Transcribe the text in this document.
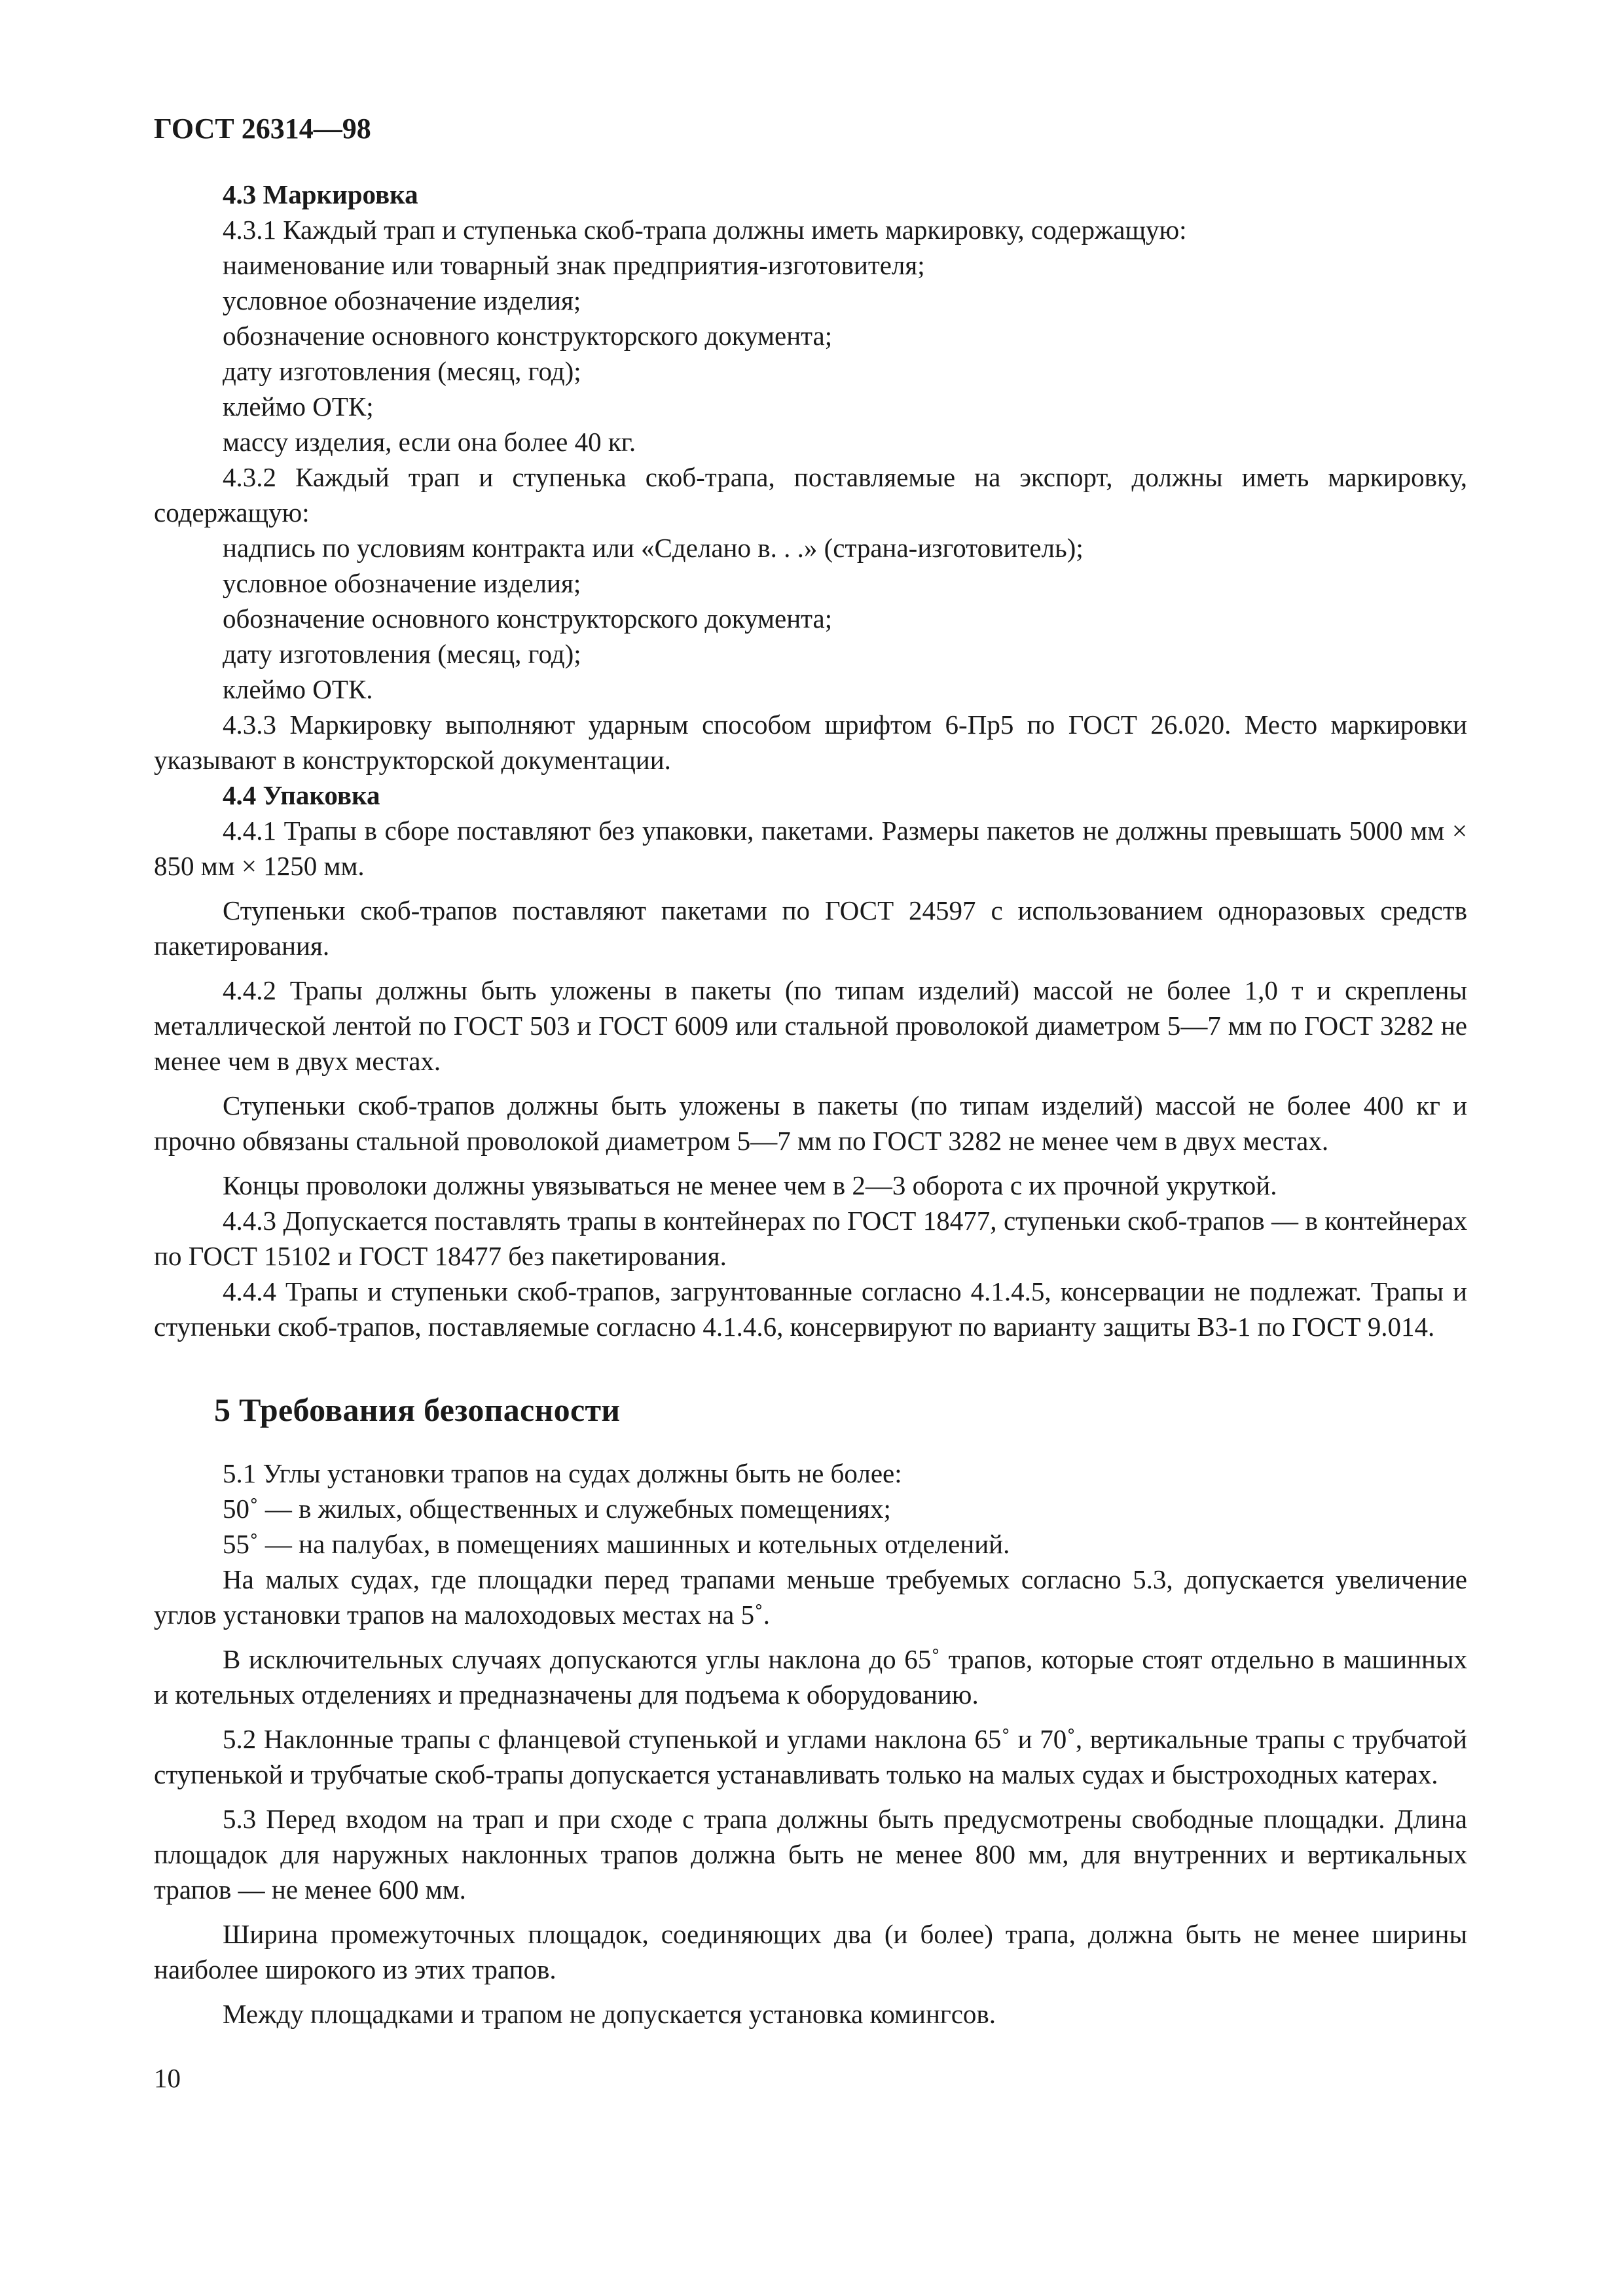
ГОСТ 26314—98
4.3 Маркировка
4.3.1 Каждый трап и ступенька скоб-трапа должны иметь маркировку, содержащую:
наименование или товарный знак предприятия-изготовителя;
условное обозначение изделия;
обозначение основного конструкторского документа;
дату изготовления (месяц, год);
клеймо ОТК;
массу изделия, если она более 40 кг.
4.3.2 Каждый трап и ступенька скоб-трапа, поставляемые на экспорт, должны иметь маркировку, содержащую:
надпись по условиям контракта или «Сделано в. . .» (страна-изготовитель);
условное обозначение изделия;
обозначение основного конструкторского документа;
дату изготовления (месяц, год);
клеймо ОТК.
4.3.3 Маркировку выполняют ударным способом шрифтом 6-Пр5 по ГОСТ 26.020. Место маркировки указывают в конструкторской документации.
4.4 Упаковка
4.4.1 Трапы в сборе поставляют без упаковки, пакетами. Размеры пакетов не должны превышать 5000 мм × 850 мм × 1250 мм.
Ступеньки скоб-трапов поставляют пакетами по ГОСТ 24597 с использованием одноразовых средств пакетирования.
4.4.2 Трапы должны быть уложены в пакеты (по типам изделий) массой не более 1,0 т и скреплены металлической лентой по ГОСТ 503 и ГОСТ 6009 или стальной проволокой диаметром 5—7 мм по ГОСТ 3282 не менее чем в двух местах.
Ступеньки скоб-трапов должны быть уложены в пакеты (по типам изделий) массой не более 400 кг и прочно обвязаны стальной проволокой диаметром 5—7 мм по ГОСТ 3282 не менее чем в двух местах.
Концы проволоки должны увязываться не менее чем в 2—3 оборота с их прочной укруткой.
4.4.3 Допускается поставлять трапы в контейнерах по ГОСТ 18477, ступеньки скоб-трапов — в контейнерах по ГОСТ 15102 и ГОСТ 18477 без пакетирования.
4.4.4 Трапы и ступеньки скоб-трапов, загрунтованные согласно 4.1.4.5, консервации не подлежат. Трапы и ступеньки скоб-трапов, поставляемые согласно 4.1.4.6, консервируют по варианту защиты В3-1 по ГОСТ 9.014.
5 Требования безопасности
5.1 Углы установки трапов на судах должны быть не более:
50˚ — в жилых, общественных и служебных помещениях;
55˚ — на палубах, в помещениях машинных и котельных отделений.
На малых судах, где площадки перед трапами меньше требуемых согласно 5.3, допускается увеличение углов установки трапов на малоходовых местах на 5˚.
В исключительных случаях допускаются углы наклона до 65˚ трапов, которые стоят отдельно в машинных и котельных отделениях и предназначены для подъема к оборудованию.
5.2 Наклонные трапы с фланцевой ступенькой и углами наклона 65˚ и 70˚, вертикальные трапы с трубчатой ступенькой и трубчатые скоб-трапы допускается устанавливать только на малых судах и быстроходных катерах.
5.3 Перед входом на трап и при сходе с трапа должны быть предусмотрены свободные площадки. Длина площадок для наружных наклонных трапов должна быть не менее 800 мм, для внутренних и вертикальных трапов — не менее 600 мм.
Ширина промежуточных площадок, соединяющих два (и более) трапа, должна быть не менее ширины наиболее широкого из этих трапов.
Между площадками и трапом не допускается установка комингсов.
10
